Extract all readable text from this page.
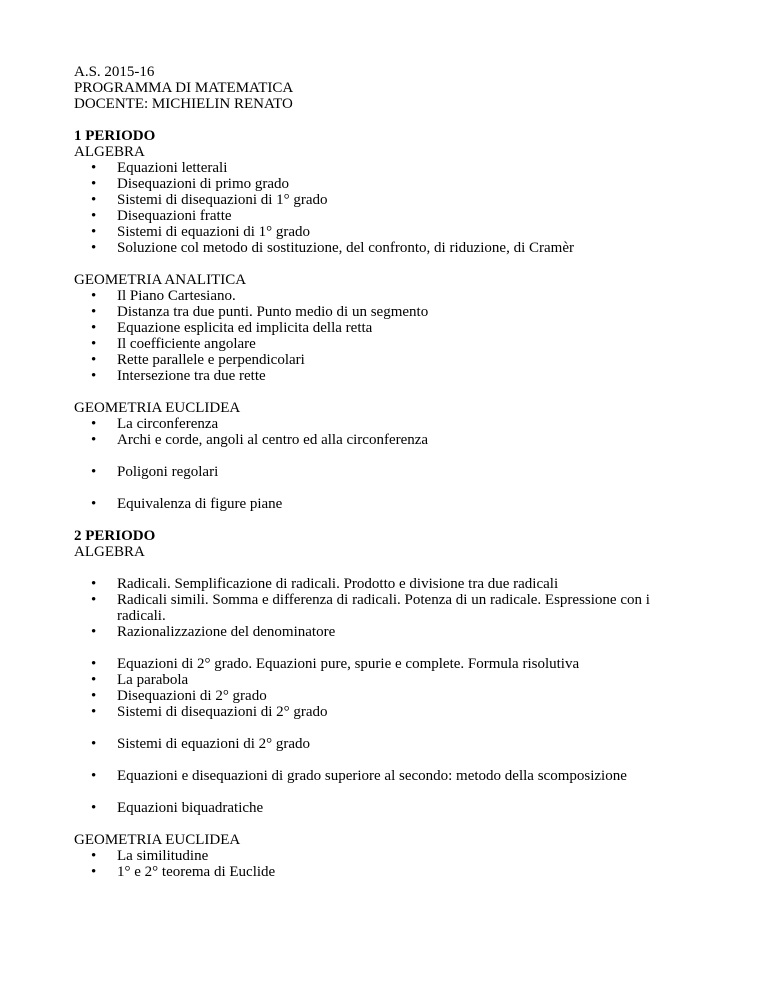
A.S. 2015-16
PROGRAMMA DI MATEMATICA
DOCENTE: MICHIELIN RENATO
1 PERIODO
ALGEBRA
• Equazioni letterali
• Disequazioni di primo grado
• Sistemi di disequazioni di 1° grado
• Disequazioni fratte
• Sistemi di equazioni di 1° grado
• Soluzione col metodo di sostituzione, del confronto, di riduzione, di Cramèr
GEOMETRIA ANALITICA
• Il Piano Cartesiano.
• Distanza tra due punti. Punto medio di un segmento
• Equazione esplicita ed implicita della retta
• Il coefficiente angolare
• Rette parallele e perpendicolari
• Intersezione tra due rette
GEOMETRIA EUCLIDEA
• La circonferenza
• Archi e corde, angoli al centro ed alla circonferenza
• Poligoni regolari
• Equivalenza di figure piane
2 PERIODO
ALGEBRA
• Radicali. Semplificazione di radicali. Prodotto e divisione tra due radicali
• Radicali simili. Somma e differenza di radicali. Potenza di un radicale. Espressione con i radicali.
• Razionalizzazione del denominatore
• Equazioni di 2° grado. Equazioni pure, spurie e complete. Formula risolutiva
• La parabola
• Disequazioni di 2° grado
• Sistemi di disequazioni di 2° grado
• Sistemi di equazioni di 2° grado
• Equazioni e disequazioni di grado superiore al secondo: metodo della scomposizione
• Equazioni biquadratiche
GEOMETRIA EUCLIDEA
• La similitudine
• 1° e 2° teorema di Euclide
